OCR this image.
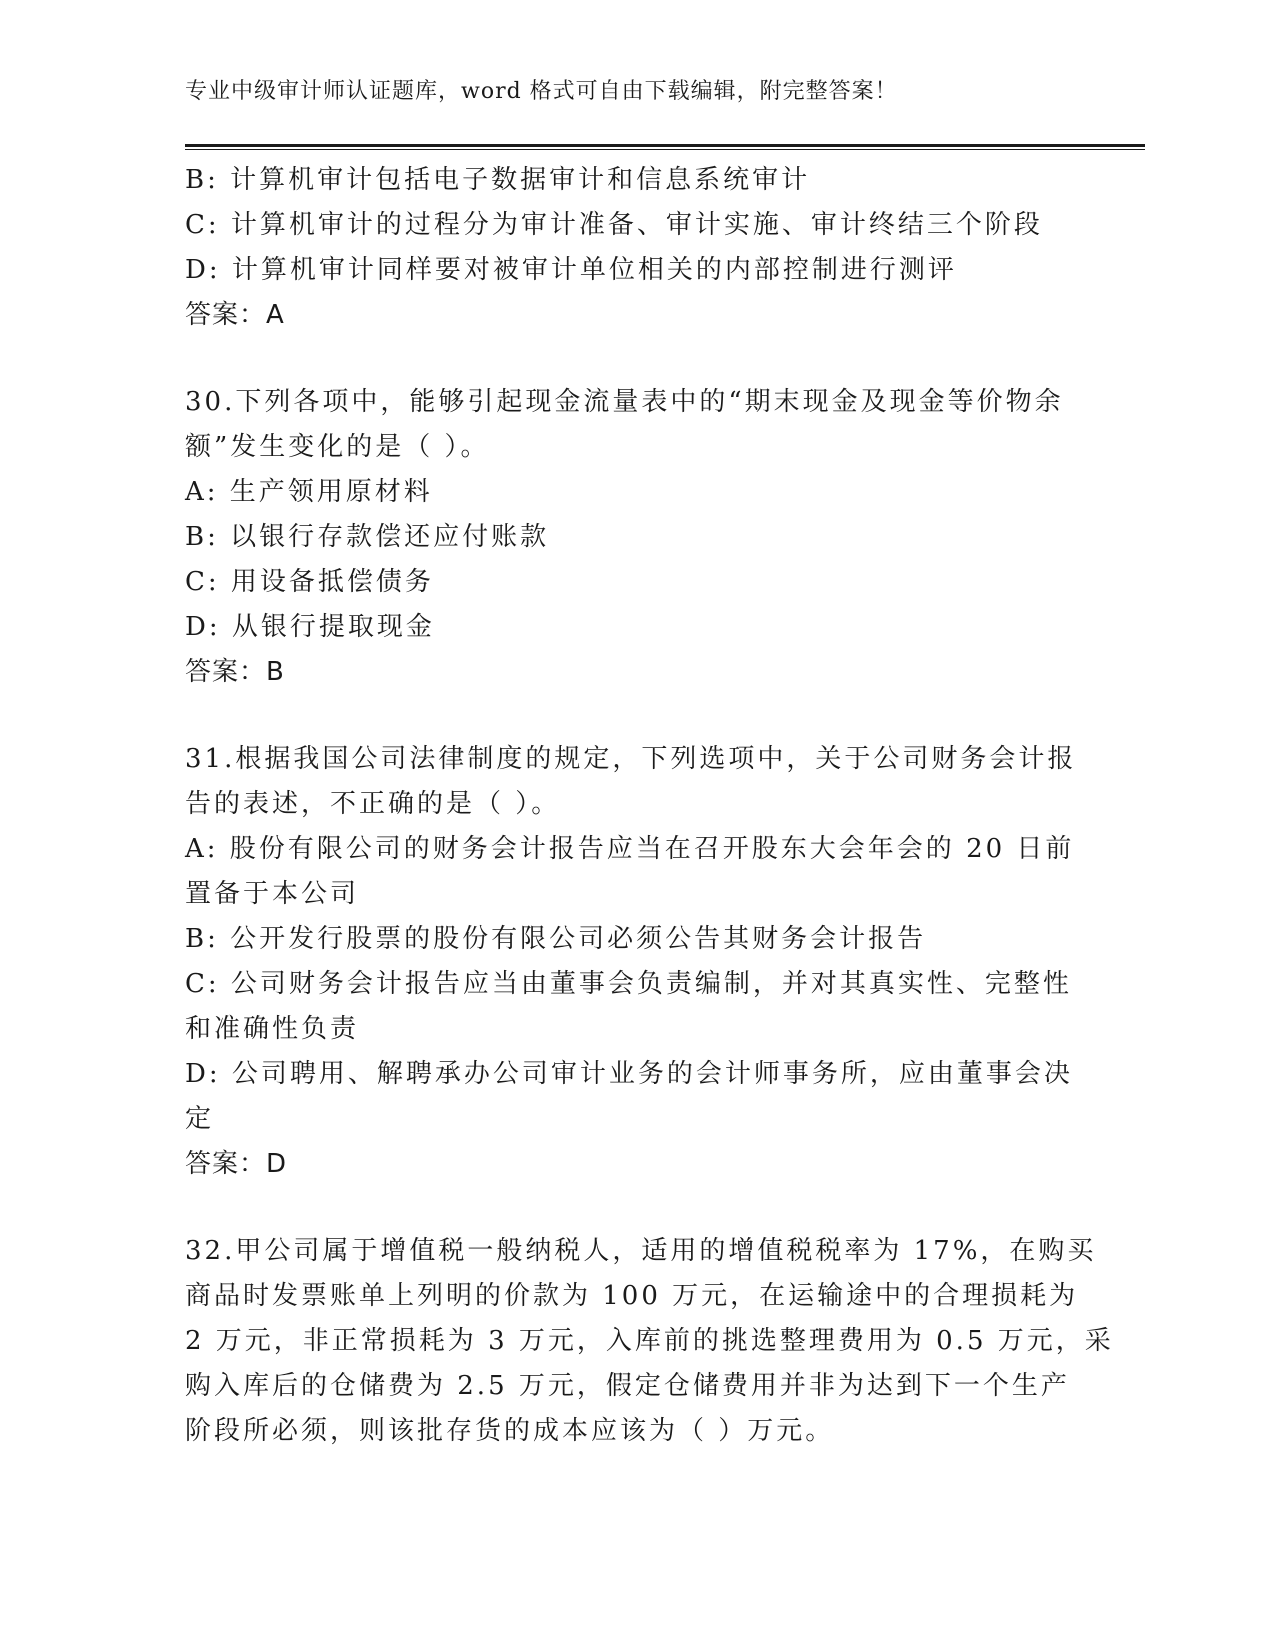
专业中级审计师认证题库，word 格式可自由下载编辑，附完整答案！
B: 计算机审计包括电子数据审计和信息系统审计
C: 计算机审计的过程分为审计准备、审计实施、审计终结三个阶段
D: 计算机审计同样要对被审计单位相关的内部控制进行测评
答案：A
30.下列各项中，能够引起现金流量表中的“期末现金及现金等价物余
额”发生变化的是（ ）。
A: 生产领用原材料
B: 以银行存款偿还应付账款
C: 用设备抵偿债务
D: 从银行提取现金
答案：B
31.根据我国公司法律制度的规定，下列选项中，关于公司财务会计报
告的表述，不正确的是（ ）。
A: 股份有限公司的财务会计报告应当在召开股东大会年会的 20 日前
置备于本公司
B: 公开发行股票的股份有限公司必须公告其财务会计报告
C: 公司财务会计报告应当由董事会负责编制，并对其真实性、完整性
和准确性负责
D: 公司聘用、解聘承办公司审计业务的会计师事务所，应由董事会决
定
答案：D
32.甲公司属于增值税一般纳税人，适用的增值税税率为 17%，在购买
商品时发票账单上列明的价款为 100 万元，在运输途中的合理损耗为
2 万元，非正常损耗为 3 万元，入库前的挑选整理费用为 0.5 万元，采
购入库后的仓储费为 2.5 万元，假定仓储费用并非为达到下一个生产
阶段所必须，则该批存货的成本应该为（ ）万元。
